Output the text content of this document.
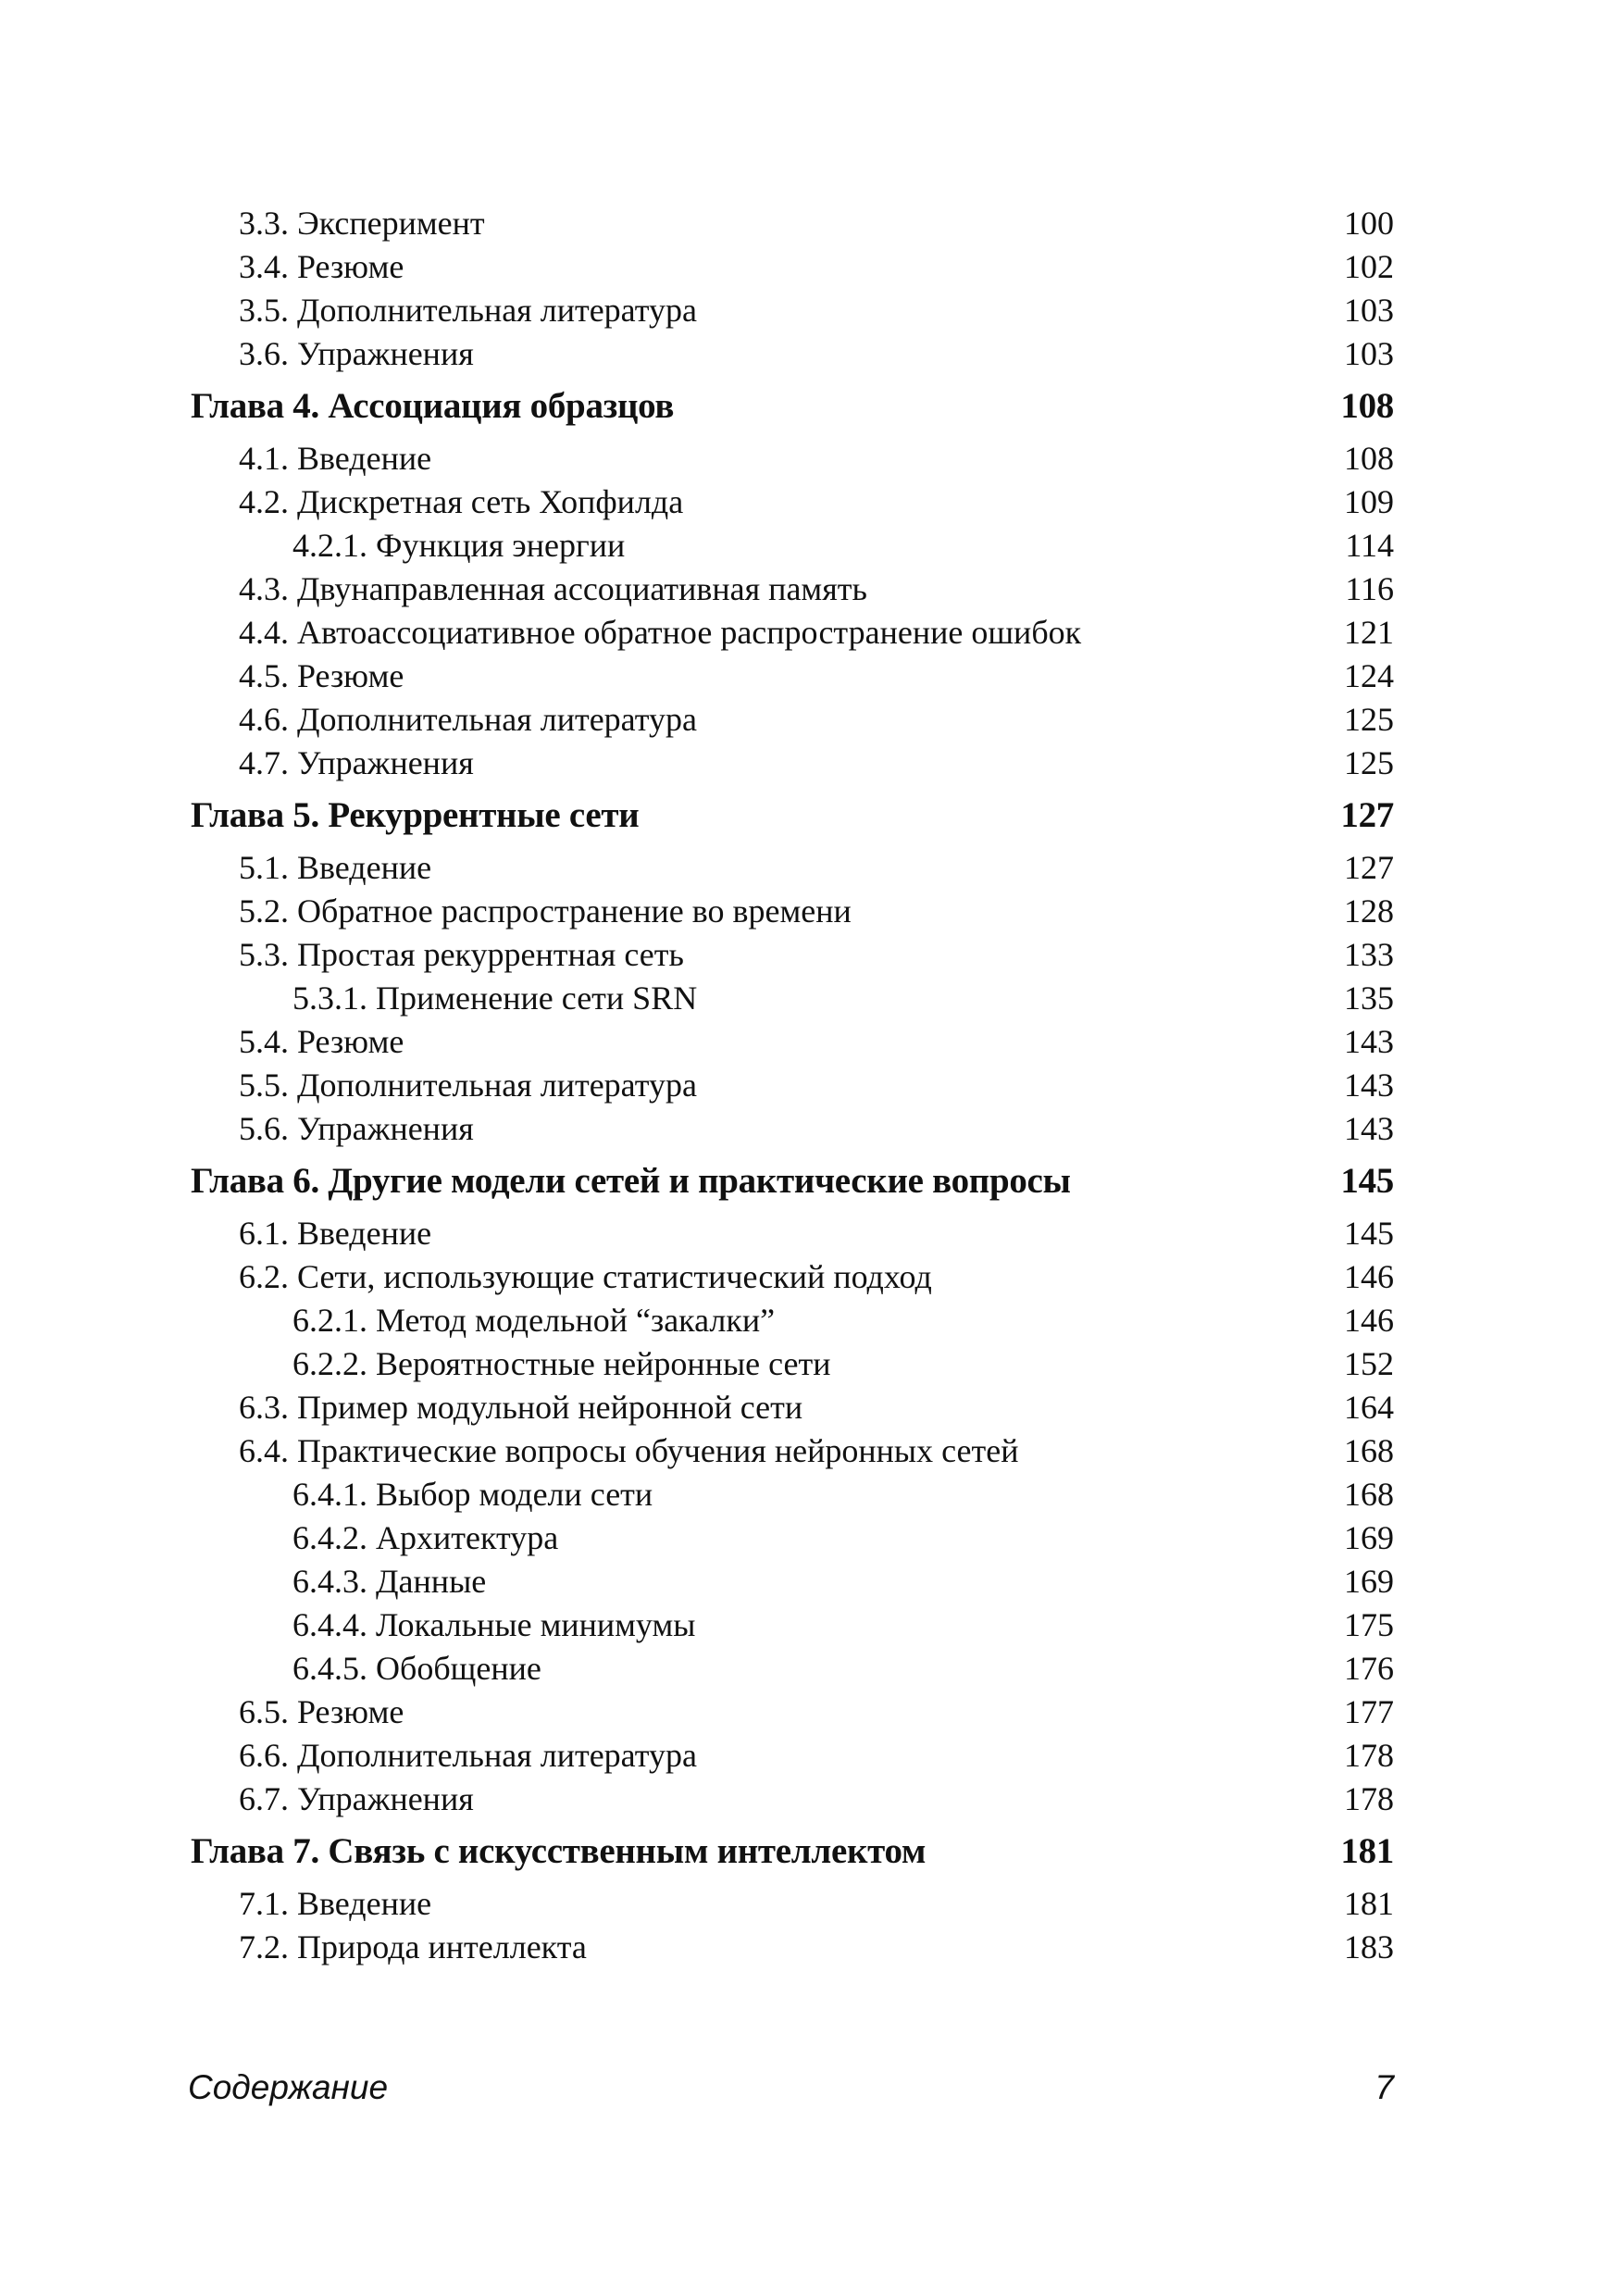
3.3. Эксперимент	100
3.4. Резюме	102
3.5. Дополнительная литература	103
3.6. Упражнения	103
Глава 4. Ассоциация образцов	108
4.1. Введение	108
4.2. Дискретная сеть Хопфилда	109
4.2.1. Функция энергии	114
4.3. Двунаправленная ассоциативная память	116
4.4. Автоассоциативное обратное распространение ошибок	121
4.5. Резюме	124
4.6. Дополнительная литература	125
4.7. Упражнения	125
Глава 5. Рекуррентные сети	127
5.1. Введение	127
5.2. Обратное распространение во времени	128
5.3. Простая рекуррентная сеть	133
5.3.1. Применение сети SRN	135
5.4. Резюме	143
5.5. Дополнительная литература	143
5.6. Упражнения	143
Глава 6. Другие модели сетей и практические вопросы	145
6.1. Введение	145
6.2. Сети, использующие статистический подход	146
6.2.1. Метод модельной “закалки”	146
6.2.2. Вероятностные нейронные сети	152
6.3. Пример модульной нейронной сети	164
6.4. Практические вопросы обучения нейронных сетей	168
6.4.1. Выбор модели сети	168
6.4.2. Архитектура	169
6.4.3. Данные	169
6.4.4. Локальные минимумы	175
6.4.5. Обобщение	176
6.5. Резюме	177
6.6. Дополнительная литература	178
6.7. Упражнения	178
Глава 7. Связь с искусственным интеллектом	181
7.1. Введение	181
7.2. Природа интеллекта	183
Содержание	7
